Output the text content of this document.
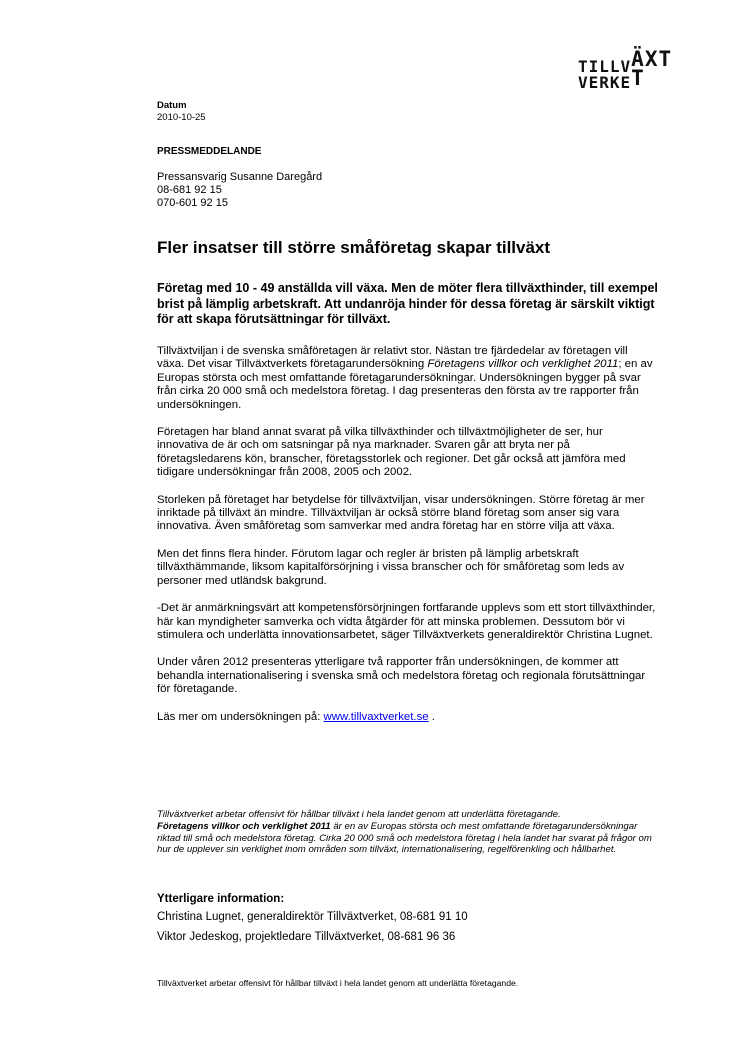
TILLVÄXT
VERKET
Datum
2010-10-25
PRESSMEDDELANDE
Pressansvarig Susanne Daregård
08-681 92 15
070-601 92 15
Fler insatser till större småföretag skapar tillväxt
Företag med 10 - 49 anställda vill växa. Men de möter flera tillväxthinder, till exempel brist på lämplig arbetskraft. Att undanröja hinder för dessa företag är särskilt viktigt för att skapa förutsättningar för tillväxt.

Tillväxtviljan i de svenska småföretagen är relativt stor. Nästan tre fjärdedelar av företagen vill växa. Det visar Tillväxtverkets företagarundersökning Företagens villkor och verklighet 2011; en av Europas största och mest omfattande företagarundersökningar. Undersökningen bygger på svar från cirka 20 000 små och medelstora företag. I dag presenteras den första av tre rapporter från undersökningen.

Företagen har bland annat svarat på vilka tillväxthinder och tillväxtmöjligheter de ser, hur innovativa de är och om satsningar på nya marknader. Svaren går att bryta ner på företagsledarens kön, branscher, företagsstorlek och regioner. Det går också att jämföra med tidigare undersökningar från 2008, 2005 och 2002.

Storleken på företaget har betydelse för tillväxtviljan, visar undersökningen. Större företag är mer inriktade på tillväxt än mindre. Tillväxtviljan är också större bland företag som anser sig vara innovativa. Även småföretag som samverkar med andra företag har en större vilja att växa.

Men det finns flera hinder. Förutom lagar och regler är bristen på lämplig arbetskraft tillväxthämmande, liksom kapitalförsörjning i vissa branscher och för småföretag som leds av personer med utländsk bakgrund.

-Det är anmärkningsvärt att kompetensförsörjningen fortfarande upplevs som ett stort tillväxthinder, här kan myndigheter samverka och vidta åtgärder för att minska problemen. Dessutom bör vi stimulera och underlätta innovationsarbetet, säger Tillväxtverkets generaldirektör Christina Lugnet.

Under våren 2012 presenteras ytterligare två rapporter från undersökningen, de kommer att behandla internationalisering i svenska små och medelstora företag och regionala förutsättningar för företagande.

Läs mer om undersökningen på: www.tillvaxtverket.se .

Tillväxtverket arbetar offensivt för hållbar tillväxt i hela landet genom att underlätta företagande.
Företagens villkor och verklighet 2011 är en av Europas största och mest omfattande företagarundersökningar riktad till små och medelstora företag. Cirka 20 000 små och medelstora företag i hela landet har svarat på frågor om hur de upplever sin verklighet inom områden som tillväxt, internationalisering, regelförenkling och hållbarhet.
Ytterligare information:
Christina Lugnet, generaldirektör Tillväxtverket, 08-681 91 10
Viktor Jedeskog, projektledare Tillväxtverket, 08-681 96 36
Tillväxtverket arbetar offensivt för hållbar tillväxt i hela landet genom att underlätta företagande.
